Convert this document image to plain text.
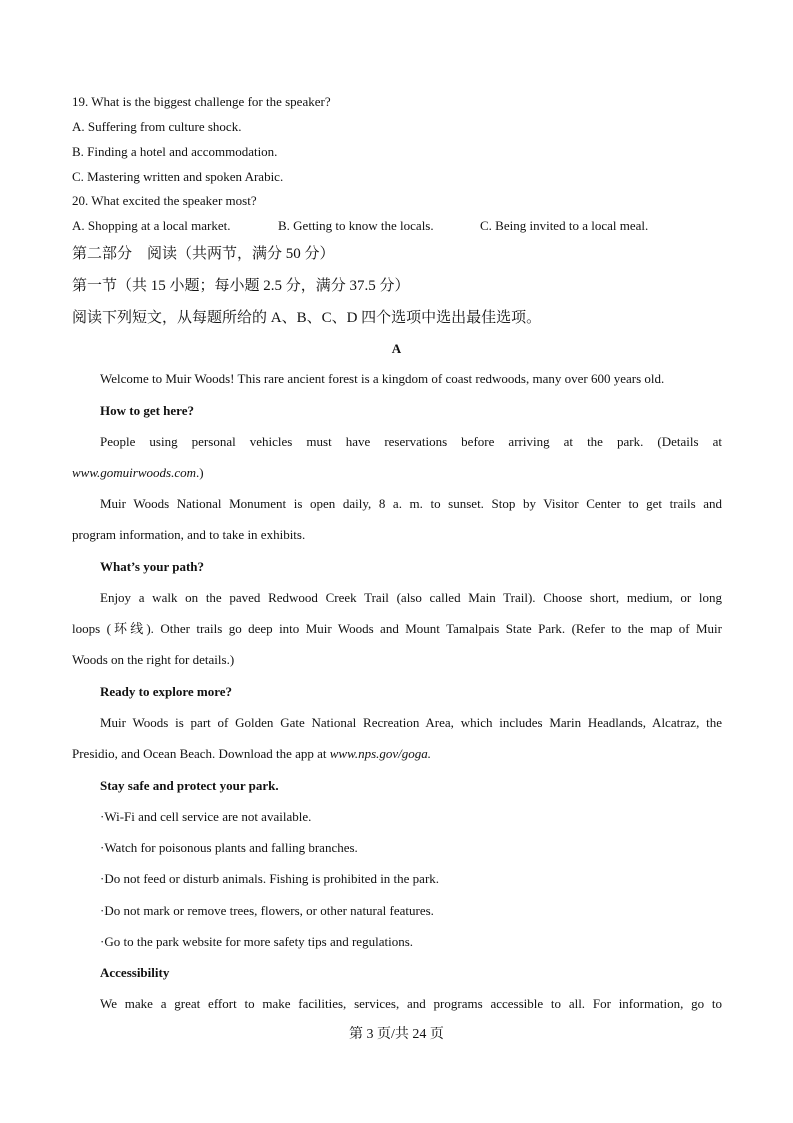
19. What is the biggest challenge for the speaker?
A. Suffering from culture shock.
B. Finding a hotel and accommodation.
C. Mastering written and spoken Arabic.
20. What excited the speaker most?
A. Shopping at a local market.	B. Getting to know the locals.	C. Being invited to a local meal.
第二部分　阅读（共两节，满分 50 分）
第一节（共 15 小题；每小题 2.5 分，满分 37.5 分）
阅读下列短文，从每题所给的 A、B、C、D 四个选项中选出最佳选项。
A
Welcome to Muir Woods! This rare ancient forest is a kingdom of coast redwoods, many over 600 years old.
How to get here?
People using personal vehicles must have reservations before arriving at the park. (Details at
www.gomuirwoods.com.)
Muir Woods National Monument is open daily, 8 a. m. to sunset. Stop by Visitor Center to get trails and
program information, and to take in exhibits.
What’s your path?
Enjoy a walk on the paved Redwood Creek Trail (also called Main Trail). Choose short, medium, or long
loops (环线). Other trails go deep into Muir Woods and Mount Tamalpais State Park. (Refer to the map of Muir
Woods on the right for details.)
Ready to explore more?
Muir Woods is part of Golden Gate National Recreation Area, which includes Marin Headlands, Alcatraz, the
Presidio, and Ocean Beach. Download the app at www.nps.gov/goga.
Stay safe and protect your park.
·Wi-Fi and cell service are not available.
·Watch for poisonous plants and falling branches.
·Do not feed or disturb animals. Fishing is prohibited in the park.
·Do not mark or remove trees, flowers, or other natural features.
·Go to the park website for more safety tips and regulations.
Accessibility
We make a great effort to make facilities, services, and programs accessible to all. For information, go to
第 3 页/共 24 页
